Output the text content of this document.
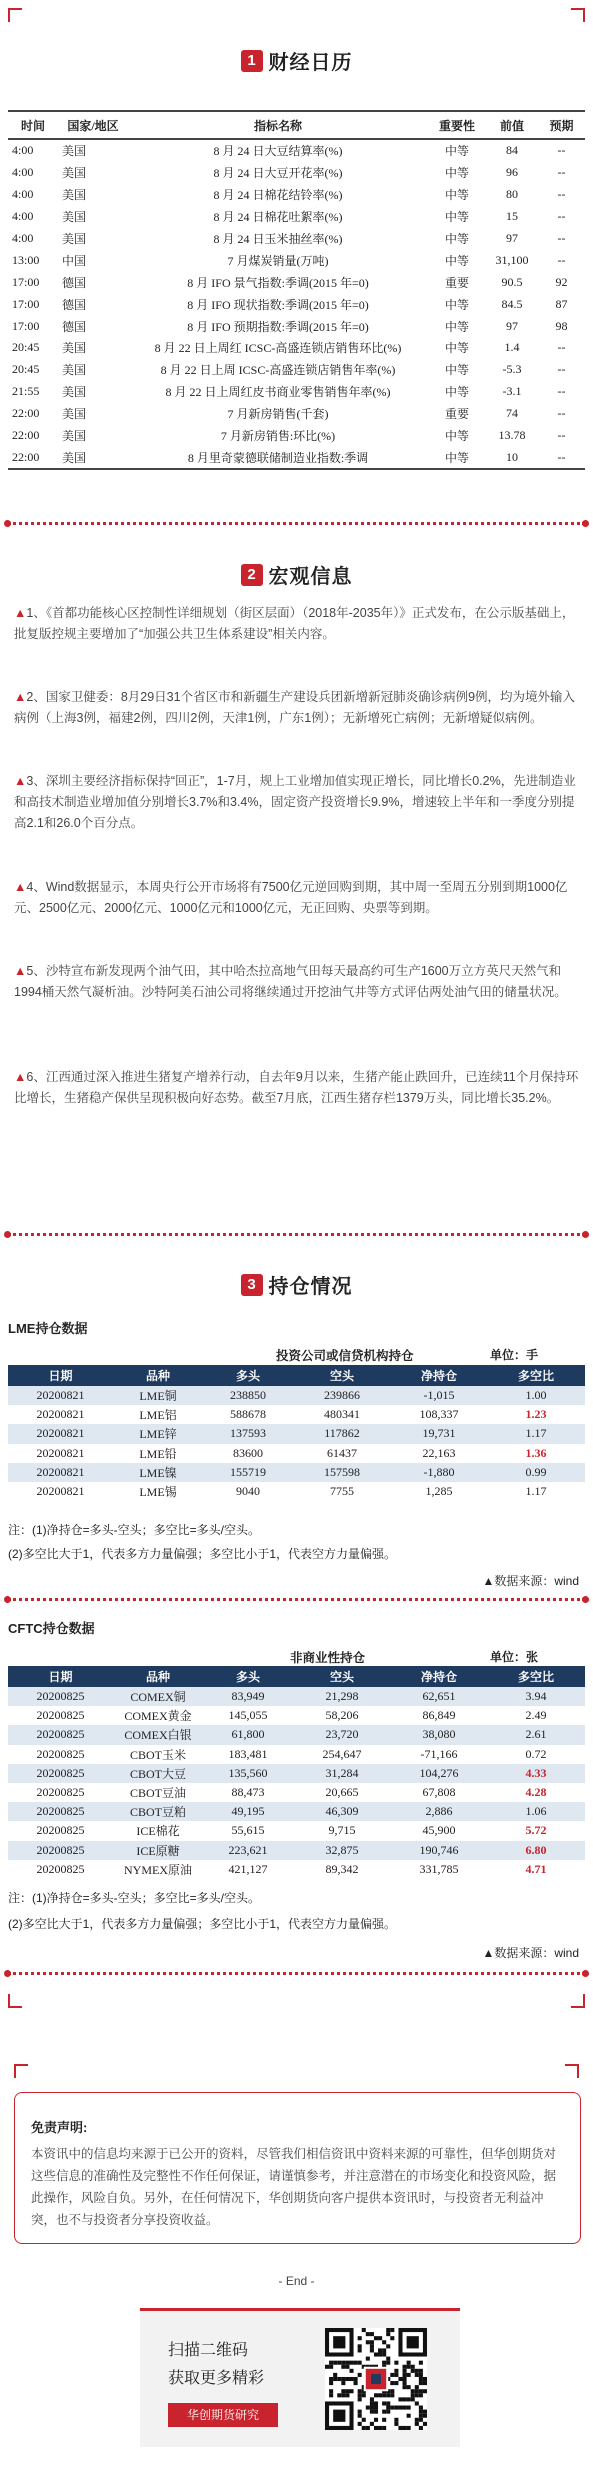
1 财经日历
时间	国家/地区	指标名称	重要性	前值	预期
4:00	美国	8 月 24 日大豆结算率(%)	中等	84	--
4:00	美国	8 月 24 日大豆开花率(%)	中等	96	--
4:00	美国	8 月 24 日棉花结铃率(%)	中等	80	--
4:00	美国	8 月 24 日棉花吐絮率(%)	中等	15	--
4:00	美国	8 月 24 日玉米抽丝率(%)	中等	97	--
13:00	中国	7 月煤炭销量(万吨)	中等	31,100	--
17:00	德国	8 月 IFO 景气指数:季调(2015 年=0)	重要	90.5	92
17:00	德国	8 月 IFO 现状指数:季调(2015 年=0)	中等	84.5	87
17:00	德国	8 月 IFO 预期指数:季调(2015 年=0)	中等	97	98
20:45	美国	8 月 22 日上周红 ICSC-高盛连锁店销售环比(%)	中等	1.4	--
20:45	美国	8 月 22 日上周 ICSC-高盛连锁店销售年率(%)	中等	-5.3	--
21:55	美国	8 月 22 日上周红皮书商业零售销售年率(%)	中等	-3.1	--
22:00	美国	7 月新房销售(千套)	重要	74	--
22:00	美国	7 月新房销售:环比(%)	中等	13.78	--
22:00	美国	8 月里奇蒙德联储制造业指数:季调	中等	10	--
2 宏观信息
▲1、《首都功能核心区控制性详细规划（街区层面）（2018年-2035年）》正式发布，在公示版基础上，批复版控规主要增加了“加强公共卫生体系建设”相关内容。
▲2、国家卫健委：8月29日31个省区市和新疆生产建设兵团新增新冠肺炎确诊病例9例，均为境外输入病例（上海3例，福建2例，四川2例，天津1例，广东1例）；无新增死亡病例；无新增疑似病例。
▲3、深圳主要经济指标保持“回正”，1-7月，规上工业增加值实现正增长，同比增长0.2%，先进制造业和高技术制造业增加值分别增长3.7%和3.4%，固定资产投资增长9.9%，增速较上半年和一季度分别提高2.1和26.0个百分点。
▲4、Wind数据显示，本周央行公开市场将有7500亿元逆回购到期，其中周一至周五分别到期1000亿元、2500亿元、2000亿元、1000亿元和1000亿元，无正回购、央票等到期。
▲5、沙特宣布新发现两个油气田，其中哈杰拉高地气田每天最高约可生产1600万立方英尺天然气和1994桶天然气凝析油。沙特阿美石油公司将继续通过开挖油气井等方式评估两处油气田的储量状况。
▲6、江西通过深入推进生猪复产增养行动，自去年9月以来，生猪产能止跌回升，已连续11个月保持环比增长，生猪稳产保供呈现积极向好态势。截至7月底，江西生猪存栏1379万头，同比增长35.2%。
3 持仓情况
LME持仓数据
投资公司或信贷机构持仓	单位：手
日期	品种	多头	空头	净持仓	多空比
20200821	LME铜	238850	239866	-1,015	1.00
20200821	LME铝	588678	480341	108,337	1.23
20200821	LME锌	137593	117862	19,731	1.17
20200821	LME铅	83600	61437	22,163	1.36
20200821	LME镍	155719	157598	-1,880	0.99
20200821	LME锡	9040	7755	1,285	1.17
注：(1)净持仓=多头-空头；多空比=多头/空头。
(2)多空比大于1，代表多方力量偏强；多空比小于1，代表空方力量偏强。
▲数据来源：wind
CFTC持仓数据
非商业性持仓	单位：张
日期	品种	多头	空头	净持仓	多空比
20200825	COMEX铜	83,949	21,298	62,651	3.94
20200825	COMEX黄金	145,055	58,206	86,849	2.49
20200825	COMEX白银	61,800	23,720	38,080	2.61
20200825	CBOT玉米	183,481	254,647	-71,166	0.72
20200825	CBOT大豆	135,560	31,284	104,276	4.33
20200825	CBOT豆油	88,473	20,665	67,808	4.28
20200825	CBOT豆粕	49,195	46,309	2,886	1.06
20200825	ICE棉花	55,615	9,715	45,900	5.72
20200825	ICE原糖	223,621	32,875	190,746	6.80
20200825	NYMEX原油	421,127	89,342	331,785	4.71
注：(1)净持仓=多头-空头；多空比=多头/空头。
(2)多空比大于1，代表多方力量偏强；多空比小于1，代表空方力量偏强。
▲数据来源：wind
免责声明:
本资讯中的信息均来源于已公开的资料，尽管我们相信资讯中资料来源的可靠性，但华创期货对这些信息的准确性及完整性不作任何保证，请谨慎参考，并注意潜在的市场变化和投资风险，据此操作，风险自负。另外，在任何情况下，华创期货向客户提供本资讯时，与投资者无利益冲突，也不与投资者分享投资收益。
- End -
扫描二维码
获取更多精彩
华创期货研究
